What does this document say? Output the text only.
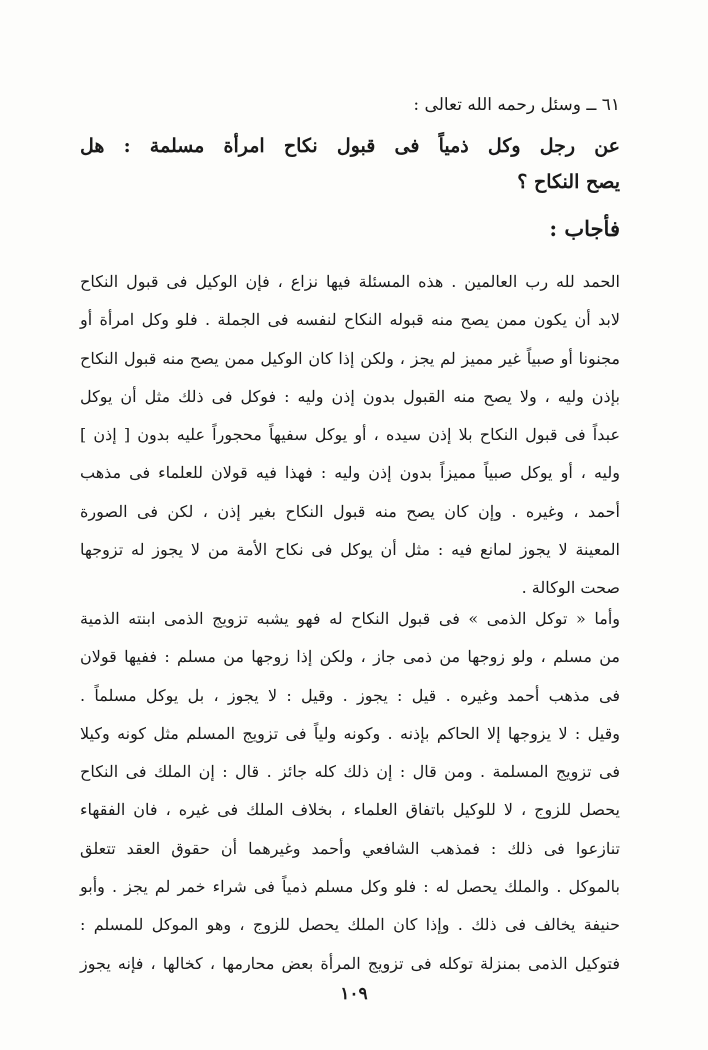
٦١ ــ وسئل رحمه الله تعالى :
عن رجل وكل ذمياً فى قبول نكاح امرأة مسلمة : هل
يصح النكاح ؟
فأجاب :
الحمد لله رب العالمين . هذه المسئلة فيها نزاع ، فإن الوكيل فى قبول النكاح
لابد أن يكون ممن يصح منه قبوله النكاح لنفسه فى الجملة . فلو وكل امرأة أو
مجنونا أو صبياً غير مميز لم يجز ، ولكن إذا كان الوكيل ممن يصح منه قبول النكاح
بإذن وليه ، ولا يصح منه القبول بدون إذن وليه : فوكل فى ذلك مثل أن يوكل
عبداً فى قبول النكاح بلا إذن سيده ، أو يوكل سفيهاً محجوراً عليه بدون [ إذن ]
وليه ، أو يوكل صبياً مميزاً بدون إذن وليه : فهذا فيه قولان للعلماء فى مذهب
أحمد ، وغيره . وإن كان يصح منه قبول النكاح بغير إذن ، لكن فى الصورة
المعينة لا يجوز لمانع فيه : مثل أن يوكل فى نكاح الأمة من لا يجوز له تزوجها
صحت الوكالة .
وأما « توكل الذمى » فى قبول النكاح له فهو يشبه تزويج الذمى ابنته الذمية
من مسلم ، ولو زوجها من ذمى جاز ، ولكن إذا زوجها من مسلم : ففيها قولان
فى مذهب أحمد وغيره . قيل : يجوز . وقيل : لا يجوز ، بل يوكل مسلماً .
وقيل : لا يزوجها إلا الحاكم بإذنه . وكونه ولياً فى تزويج المسلم مثل كونه وكيلا
فى تزويج المسلمة . ومن قال : إن ذلك كله جائز . قال : إن الملك فى النكاح
يحصل للزوج ، لا للوكيل باتفاق العلماء ، بخلاف الملك فى غيره ، فان الفقهاء
تنازعوا فى ذلك : فمذهب الشافعي وأحمد وغيرهما أن حقوق العقد تتعلق
بالموكل . والملك يحصل له : فلو وكل مسلم ذمياً فى شراء خمر لم يجز . وأبو
حنيفة يخالف فى ذلك . وإذا كان الملك يحصل للزوج ، وهو الموكل للمسلم :
فتوكيل الذمى بمنزلة توكله فى تزويج المرأة بعض محارمها ، كخالها ، فإنه يجوز
١٠٩
